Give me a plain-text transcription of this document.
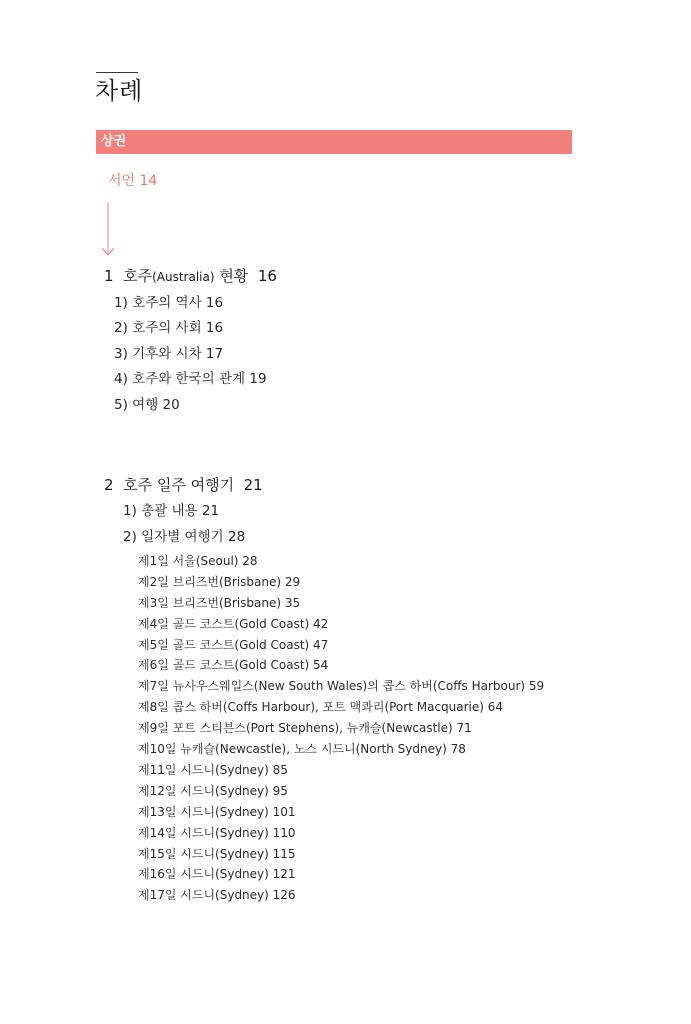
차례
상권
서언 14
1 호주(Australia) 현황 16
1) 호주의 역사 16
2) 호주의 사회 16
3) 기후와 시차 17
4) 호주와 한국의 관계 19
5) 여행 20
2 호주 일주 여행기 21
1) 총괄 내용 21
2) 일자별 여행기 28
제1일 서울(Seoul) 28
제2일 브리즈번(Brisbane) 29
제3일 브리즈번(Brisbane) 35
제4일 골드 코스트(Gold Coast) 42
제5일 골드 코스트(Gold Coast) 47
제6일 골드 코스트(Gold Coast) 54
제7일 뉴사우스웨일스(New South Wales)의 콥스 하버(Coffs Harbour) 59
제8일 콥스 하버(Coffs Harbour), 포트 맥콰리(Port Macquarie) 64
제9일 포트 스티븐스(Port Stephens), 뉴캐슬(Newcastle) 71
제10일 뉴캐슬(Newcastle), 노스 시드니(North Sydney) 78
제11일 시드니(Sydney) 85
제12일 시드니(Sydney) 95
제13일 시드니(Sydney) 101
제14일 시드니(Sydney) 110
제15일 시드니(Sydney) 115
제16일 시드니(Sydney) 121
제17일 시드니(Sydney) 126
